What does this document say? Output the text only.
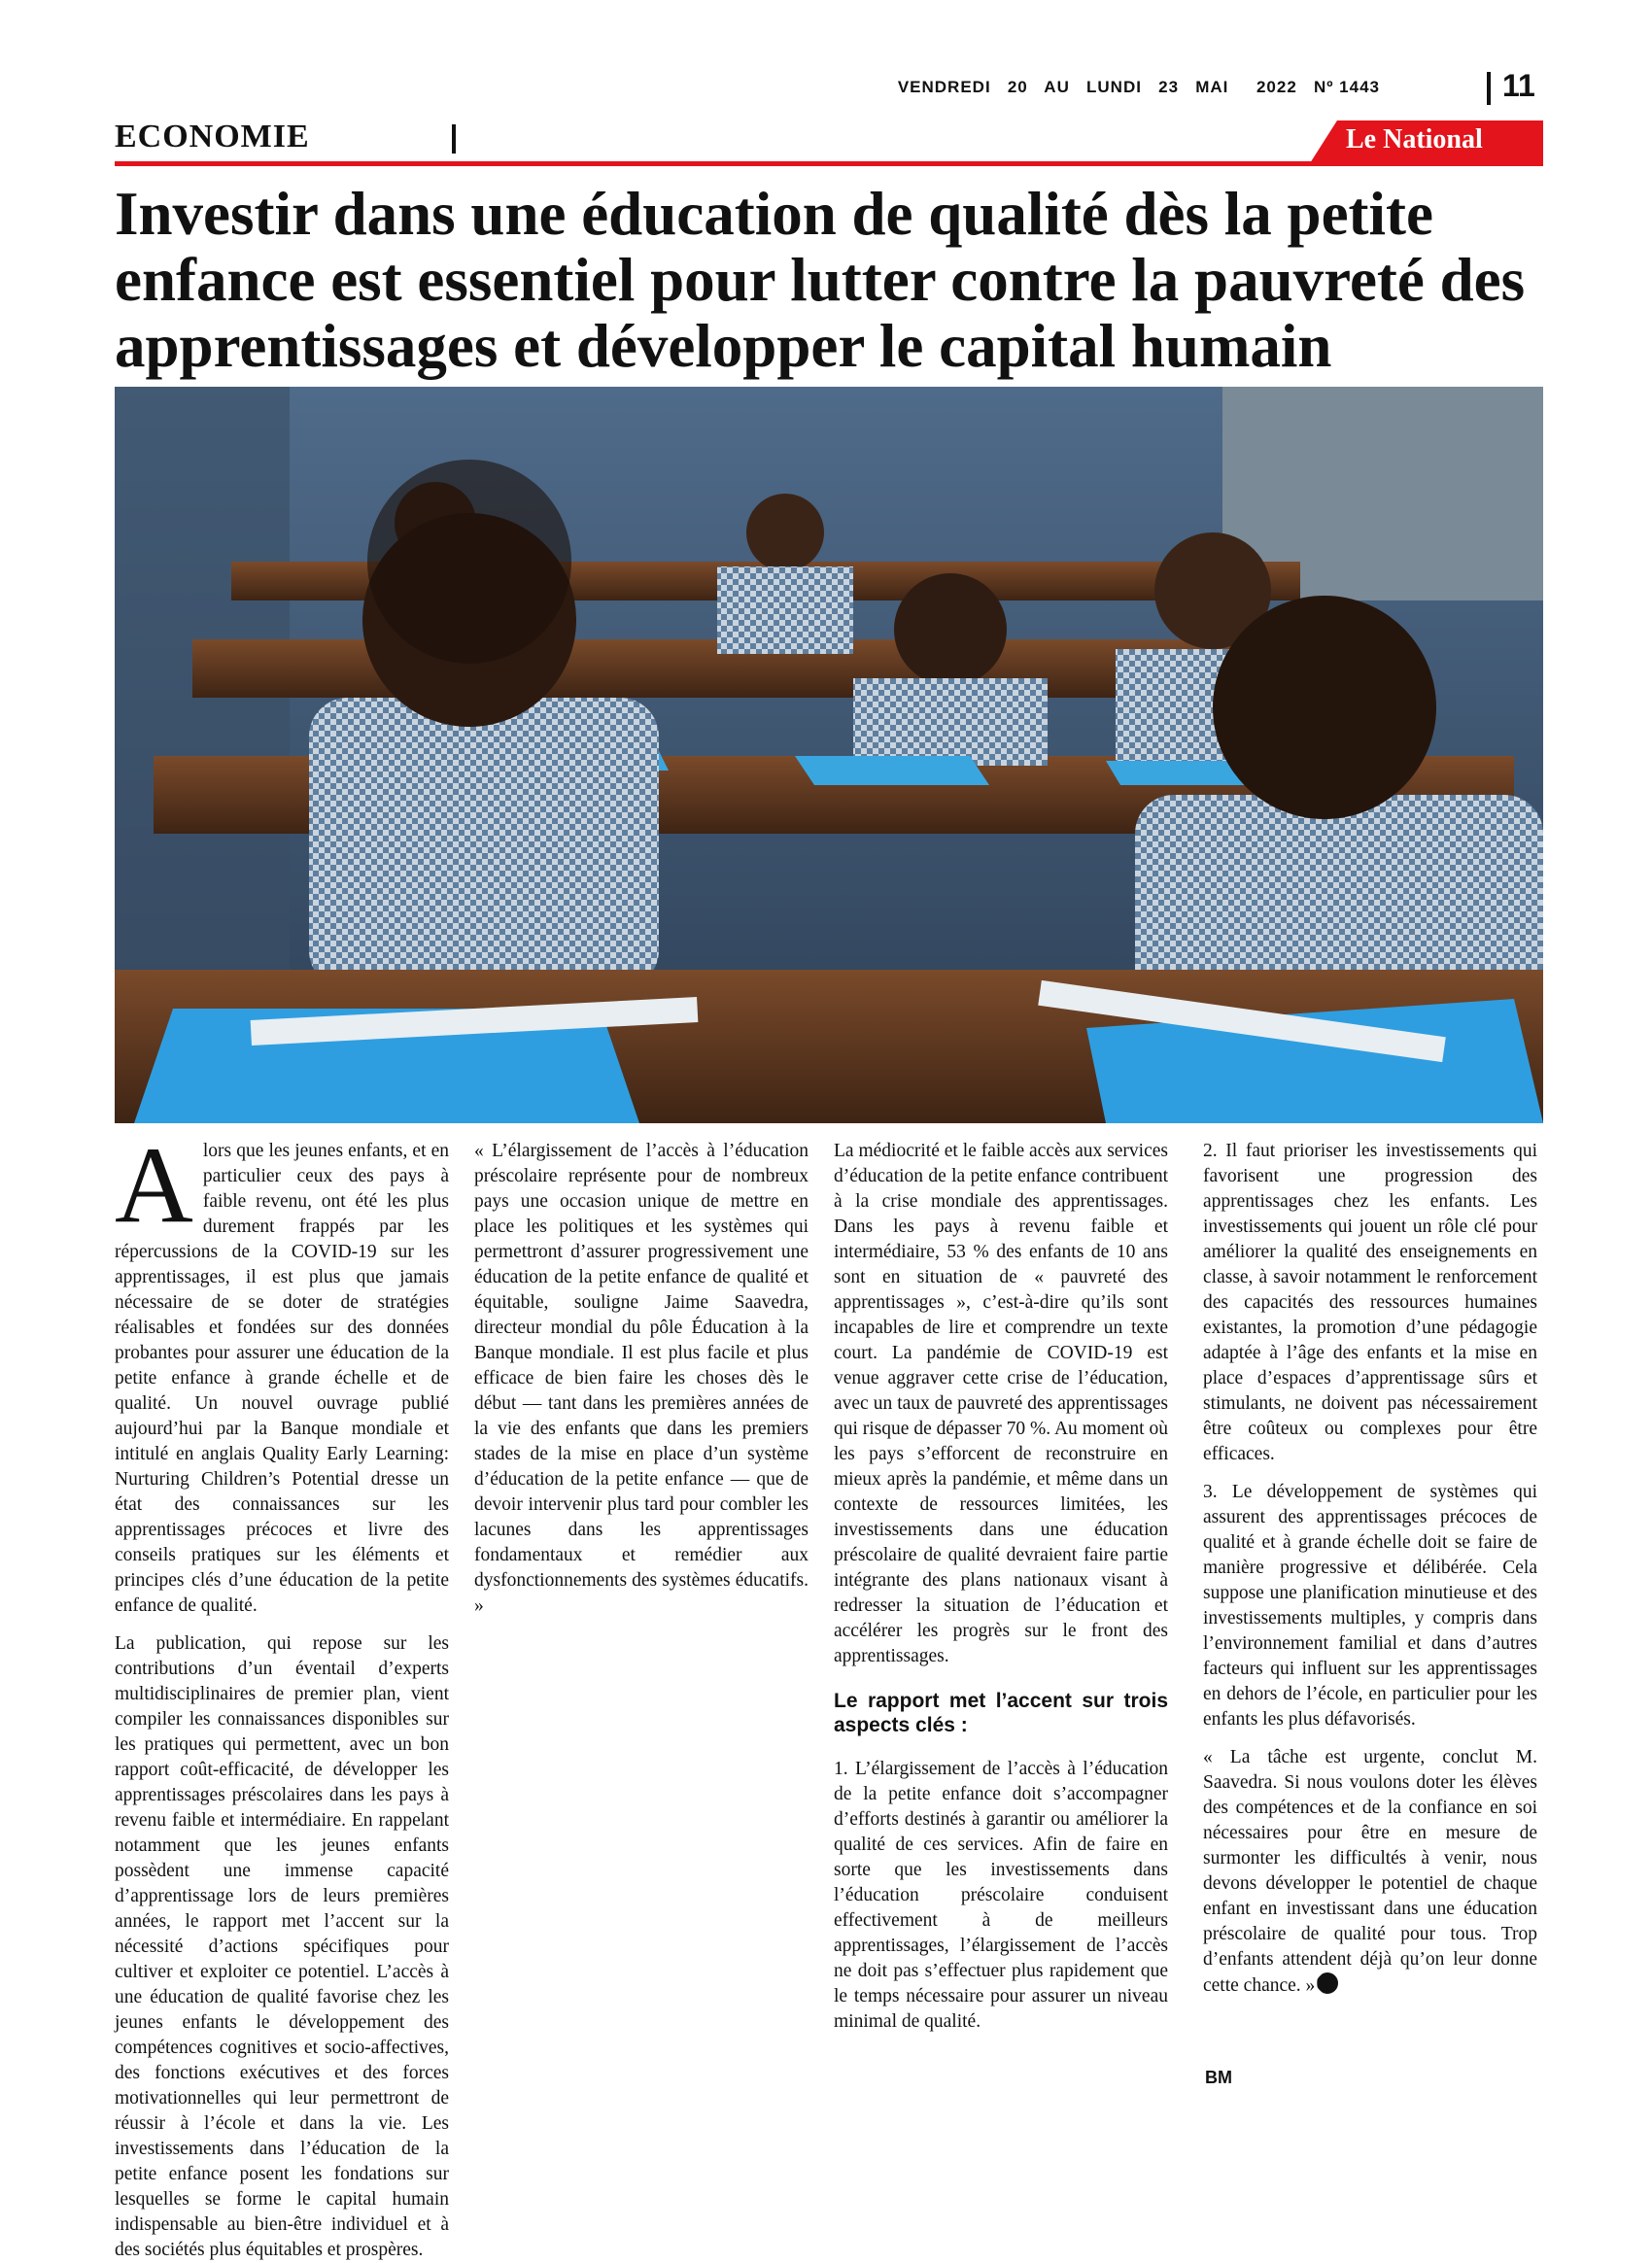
VENDREDI   20   AU   LUNDI   23   MAI     2022   Nº 1443	11
ECONOMIE	Le National
Investir dans une éducation de qualité dès la petite enfance est essentiel pour lutter contre la pauvreté des apprentissages et développer le capital humain

Alors que les jeunes enfants, et en particulier ceux des pays à faible revenu, ont été les plus durement frappés par les répercussions de la COVID-19 sur les apprentissages, il est plus que jamais nécessaire de se doter de stratégies réalisables et fondées sur des données probantes pour assurer une éducation de la petite enfance à grande échelle et de qualité. Un nouvel ouvrage publié aujourd’hui par la Banque mondiale et intitulé en anglais Quality Early Learning: Nurturing Children’s Potential dresse un état des connaissances sur les apprentissages précoces et livre des conseils pratiques sur les éléments et principes clés d’une éducation de la petite enfance de qualité.

La publication, qui repose sur les contributions d’un éventail d’experts multidisciplinaires de premier plan, vient compiler les connaissances disponibles sur les pratiques qui permettent, avec un bon rapport coût-efficacité, de développer les apprentissages préscolaires dans les pays à revenu faible et intermédiaire. En rappelant notamment que les jeunes enfants possèdent une immense capacité d’apprentissage lors de leurs premières années, le rapport met l’accent sur la nécessité d’actions spécifiques pour cultiver et exploiter ce potentiel. L’accès à une éducation de qualité favorise chez les jeunes enfants le développement des compétences cognitives et socio-affectives, des fonctions exécutives et des forces motivationnelles qui leur permettront de réussir à l’école et dans la vie. Les investissements dans l’éducation de la petite enfance posent les fondations sur lesquelles se forme le capital humain indispensable au bien-être individuel et à des sociétés plus équitables et prospères.

« L’élargissement de l’accès à l’éducation préscolaire représente pour de nombreux pays une occasion unique de mettre en place les politiques et les systèmes qui permettront d’assurer progressivement une éducation de la petite enfance de qualité et équitable, souligne Jaime Saavedra, directeur mondial du pôle Éducation à la Banque mondiale. Il est plus facile et plus efficace de bien faire les choses dès le début — tant dans les premières années de la vie des enfants que dans les premiers stades de la mise en place d’un système d’éducation de la petite enfance — que de devoir intervenir plus tard pour combler les lacunes dans les apprentissages fondamentaux et remédier aux dysfonctionnements des systèmes éducatifs. »

La médiocrité et le faible accès aux services d’éducation de la petite enfance contribuent à la crise mondiale des apprentissages. Dans les pays à revenu faible et intermédiaire, 53 % des enfants de 10 ans sont en situation de « pauvreté des apprentissages », c’est-à-dire qu’ils sont incapables de lire et comprendre un texte court. La pandémie de COVID-19 est venue aggraver cette crise de l’éducation, avec un taux de pauvreté des apprentissages qui risque de dépasser 70 %. Au moment où les pays s’efforcent de reconstruire en mieux après la pandémie, et même dans un contexte de ressources limitées, les investissements dans une éducation préscolaire de qualité devraient faire partie intégrante des plans nationaux visant à redresser la situation de l’éducation et accélérer les progrès sur le front des apprentissages.

Le rapport met l’accent sur trois aspects clés :

1. L’élargissement de l’accès à l’éducation de la petite enfance doit s’accompagner d’efforts destinés à garantir ou améliorer la qualité de ces services. Afin de faire en sorte que les investissements dans l’éducation préscolaire conduisent effectivement à de meilleurs apprentissages, l’élargissement de l’accès ne doit pas s’effectuer plus rapidement que le temps nécessaire pour assurer un niveau minimal de qualité.

2. Il faut prioriser les investissements qui favorisent une progression des apprentissages chez les enfants. Les investissements qui jouent un rôle clé pour améliorer la qualité des enseignements en classe, à savoir notamment le renforcement des capacités des ressources humaines existantes, la promotion d’une pédagogie adaptée à l’âge des enfants et la mise en place d’espaces d’apprentissage sûrs et stimulants, ne doivent pas nécessairement être coûteux ou complexes pour être efficaces.

3. Le développement de systèmes qui assurent des apprentissages précoces de qualité et à grande échelle doit se faire de manière progressive et délibérée. Cela suppose une planification minutieuse et des investissements multiples, y compris dans l’environnement familial et dans d’autres facteurs qui influent sur les apprentissages en dehors de l’école, en particulier pour les enfants les plus défavorisés.

« La tâche est urgente, conclut M. Saavedra. Si nous voulons doter les élèves des compétences et de la confiance en soi nécessaires pour être en mesure de surmonter les difficultés à venir, nous devons développer le potentiel de chaque enfant en investissant dans une éducation préscolaire de qualité pour tous. Trop d’enfants attendent déjà qu’on leur donne cette chance. »

BM
